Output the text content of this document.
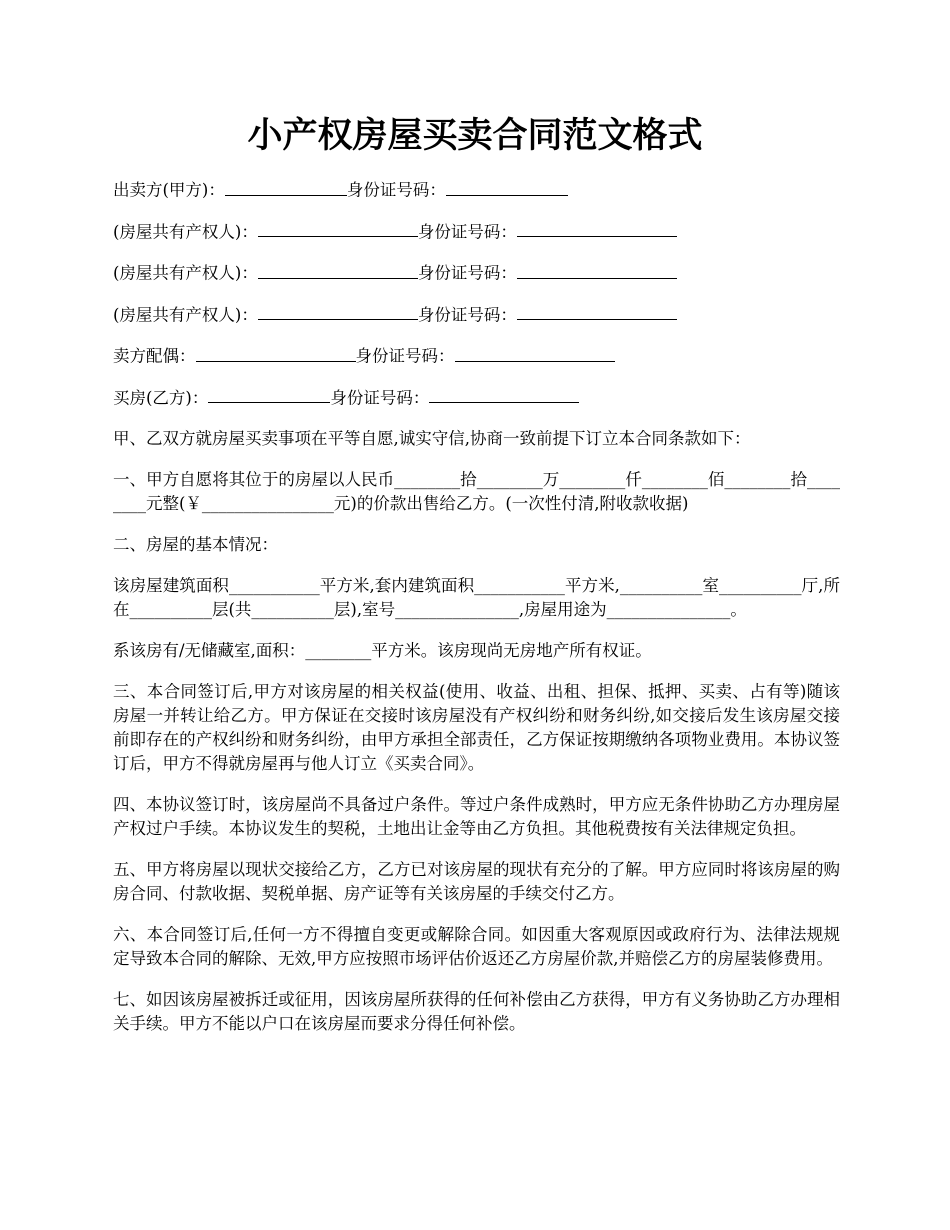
小产权房屋买卖合同范文格式
出卖方(甲方)：	身份证号码：
(房屋共有产权人)：	身份证号码：
(房屋共有产权人)：	身份证号码：
(房屋共有产权人)：	身份证号码：
卖方配偶：	身份证号码：
买房(乙方)：	身份证号码：
甲、乙双方就房屋买卖事项在平等自愿,诚实守信,协商一致前提下订立本合同条款如下：
一、甲方自愿将其位于的房屋以人民币________拾________万________仟________佰________拾________元整(￥________________元)的价款出售给乙方。(一次性付清,附收款收据)
二、房屋的基本情况：
该房屋建筑面积___________平方米,套内建筑面积___________平方米,__________室__________厅,所在__________层(共__________层),室号_______________,房屋用途为_______________。
系该房有/无储藏室,面积：________平方米。该房现尚无房地产所有权证。
三、本合同签订后,甲方对该房屋的相关权益(使用、收益、出租、担保、抵押、买卖、占有等)随该房屋一并转让给乙方。甲方保证在交接时该房屋没有产权纠纷和财务纠纷,如交接后发生该房屋交接前即存在的产权纠纷和财务纠纷，由甲方承担全部责任，乙方保证按期缴纳各项物业费用。本协议签订后，甲方不得就房屋再与他人订立《买卖合同》。
四、本协议签订时，该房屋尚不具备过户条件。等过户条件成熟时，甲方应无条件协助乙方办理房屋产权过户手续。本协议发生的契税，土地出让金等由乙方负担。其他税费按有关法律规定负担。
五、甲方将房屋以现状交接给乙方，乙方已对该房屋的现状有充分的了解。甲方应同时将该房屋的购房合同、付款收据、契税单据、房产证等有关该房屋的手续交付乙方。
六、本合同签订后,任何一方不得擅自变更或解除合同。如因重大客观原因或政府行为、法律法规规定导致本合同的解除、无效,甲方应按照市场评估价返还乙方房屋价款,并赔偿乙方的房屋装修费用。
七、如因该房屋被拆迁或征用，因该房屋所获得的任何补偿由乙方获得，甲方有义务协助乙方办理相关手续。甲方不能以户口在该房屋而要求分得任何补偿。
